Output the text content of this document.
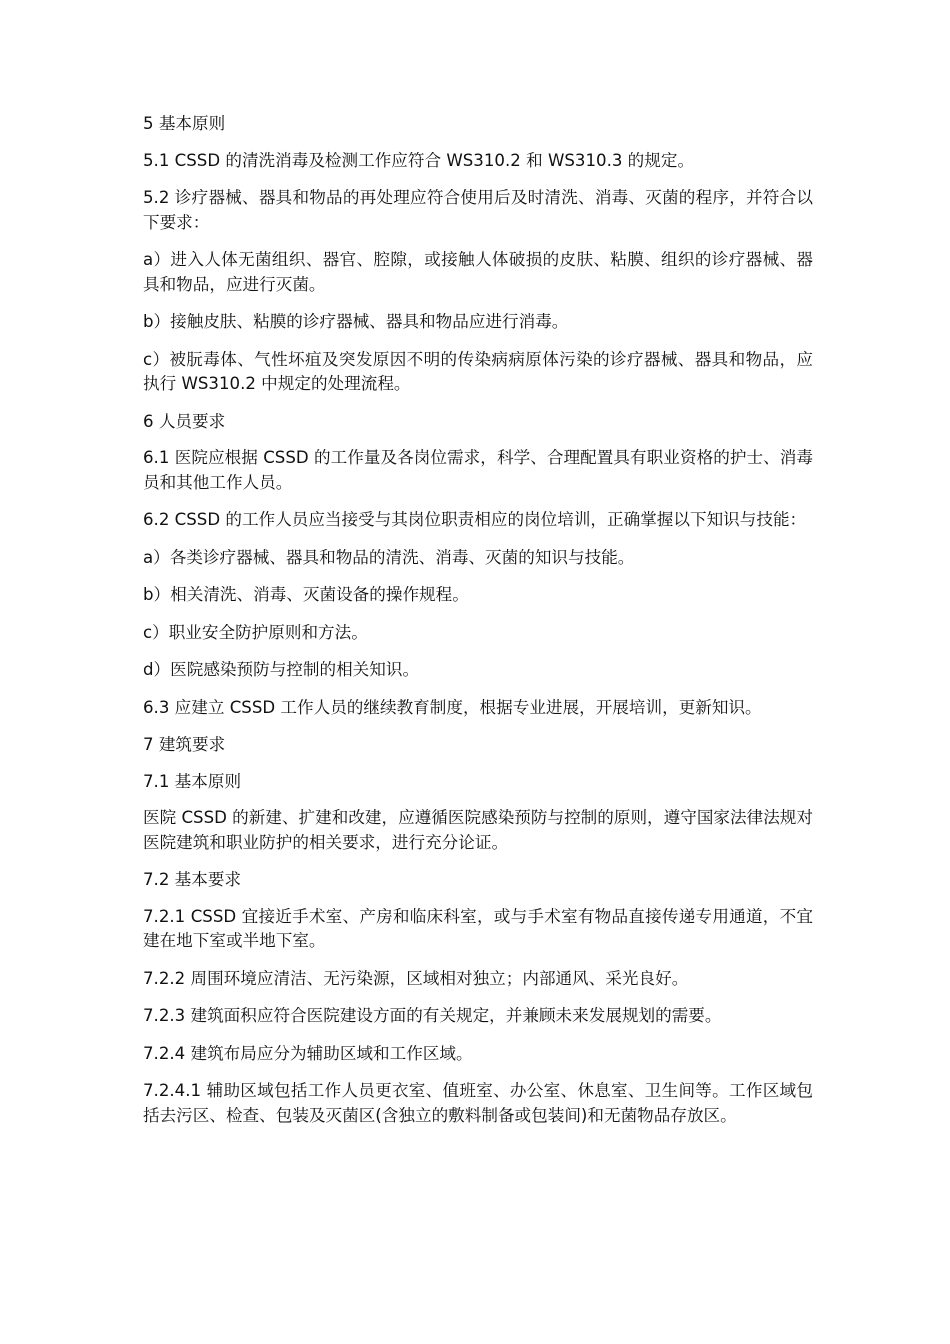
5 基本原则

5.1 CSSD 的清洗消毒及检测工作应符合 WS310.2 和 WS310.3 的规定。

5.2 诊疗器械、器具和物品的再处理应符合使用后及时清洗、消毒、灭菌的程序，并符合以下要求：

a）进入人体无菌组织、器官、腔隙，或接触人体破损的皮肤、粘膜、组织的诊疗器械、器具和物品，应进行灭菌。

b）接触皮肤、粘膜的诊疗器械、器具和物品应进行消毒。

c）被朊毒体、气性坏疽及突发原因不明的传染病病原体污染的诊疗器械、器具和物品，应执行 WS310.2 中规定的处理流程。

6 人员要求

6.1 医院应根据 CSSD 的工作量及各岗位需求，科学、合理配置具有职业资格的护士、消毒员和其他工作人员。

6.2 CSSD 的工作人员应当接受与其岗位职责相应的岗位培训，正确掌握以下知识与技能：

a）各类诊疗器械、器具和物品的清洗、消毒、灭菌的知识与技能。

b）相关清洗、消毒、灭菌设备的操作规程。

c）职业安全防护原则和方法。

d）医院感染预防与控制的相关知识。

6.3 应建立 CSSD 工作人员的继续教育制度，根据专业进展，开展培训，更新知识。

7 建筑要求

7.1 基本原则

医院 CSSD 的新建、扩建和改建，应遵循医院感染预防与控制的原则，遵守国家法律法规对医院建筑和职业防护的相关要求，进行充分论证。

7.2 基本要求

7.2.1 CSSD 宜接近手术室、产房和临床科室，或与手术室有物品直接传递专用通道，不宜建在地下室或半地下室。

7.2.2 周围环境应清洁、无污染源，区域相对独立；内部通风、采光良好。

7.2.3 建筑面积应符合医院建设方面的有关规定，并兼顾未来发展规划的需要。

7.2.4 建筑布局应分为辅助区域和工作区域。

7.2.4.1 辅助区域包括工作人员更衣室、值班室、办公室、休息室、卫生间等。工作区域包括去污区、检查、包装及灭菌区(含独立的敷料制备或包装间)和无菌物品存放区。
